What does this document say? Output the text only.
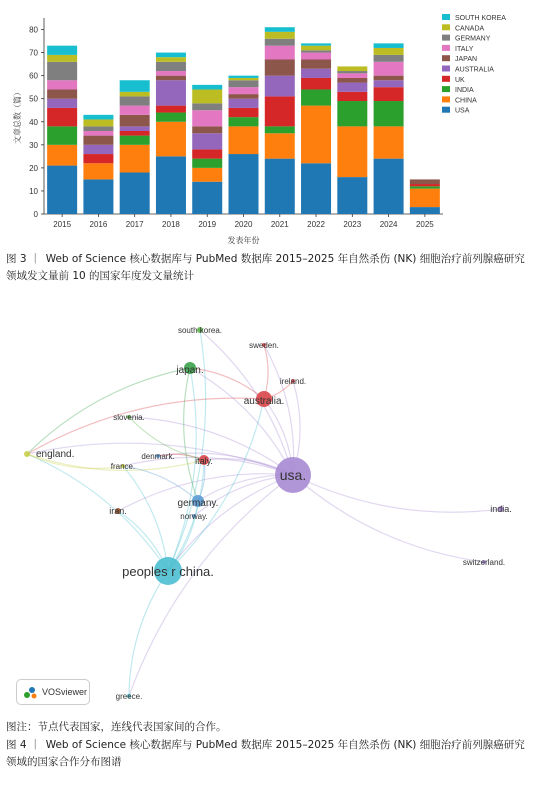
0
10
20
30
40
50
60
70
80
2015 2016 2017 2018 2019 2020 2021 2022 2023 2024 2025
发表年份
文章总数（篇）
SOUTH KOREA
CANADA
GERMANY
ITALY
JAPAN
AUSTRALIA
UK
INDIA
CHINA
USA
图 3 ｜ Web of Science 核心数据库与 PubMed 数据库 2015–2025 年自然杀伤 (NK) 细胞治疗前列腺癌研究领域发文量前 10 的国家年度发文量统计
usa.
peoples r china.
australia.
japan.
germany.
italy.
england.
france.
iran.
slovenia.
denmark.
norway.
sweden.
ireland.
south korea.
india.
switzerland.
greece.
VOSviewer
图注：节点代表国家，连线代表国家间的合作。
图 4 ｜ Web of Science 核心数据库与 PubMed 数据库 2015–2025 年自然杀伤 (NK) 细胞治疗前列腺癌研究领域的国家合作分布图谱
